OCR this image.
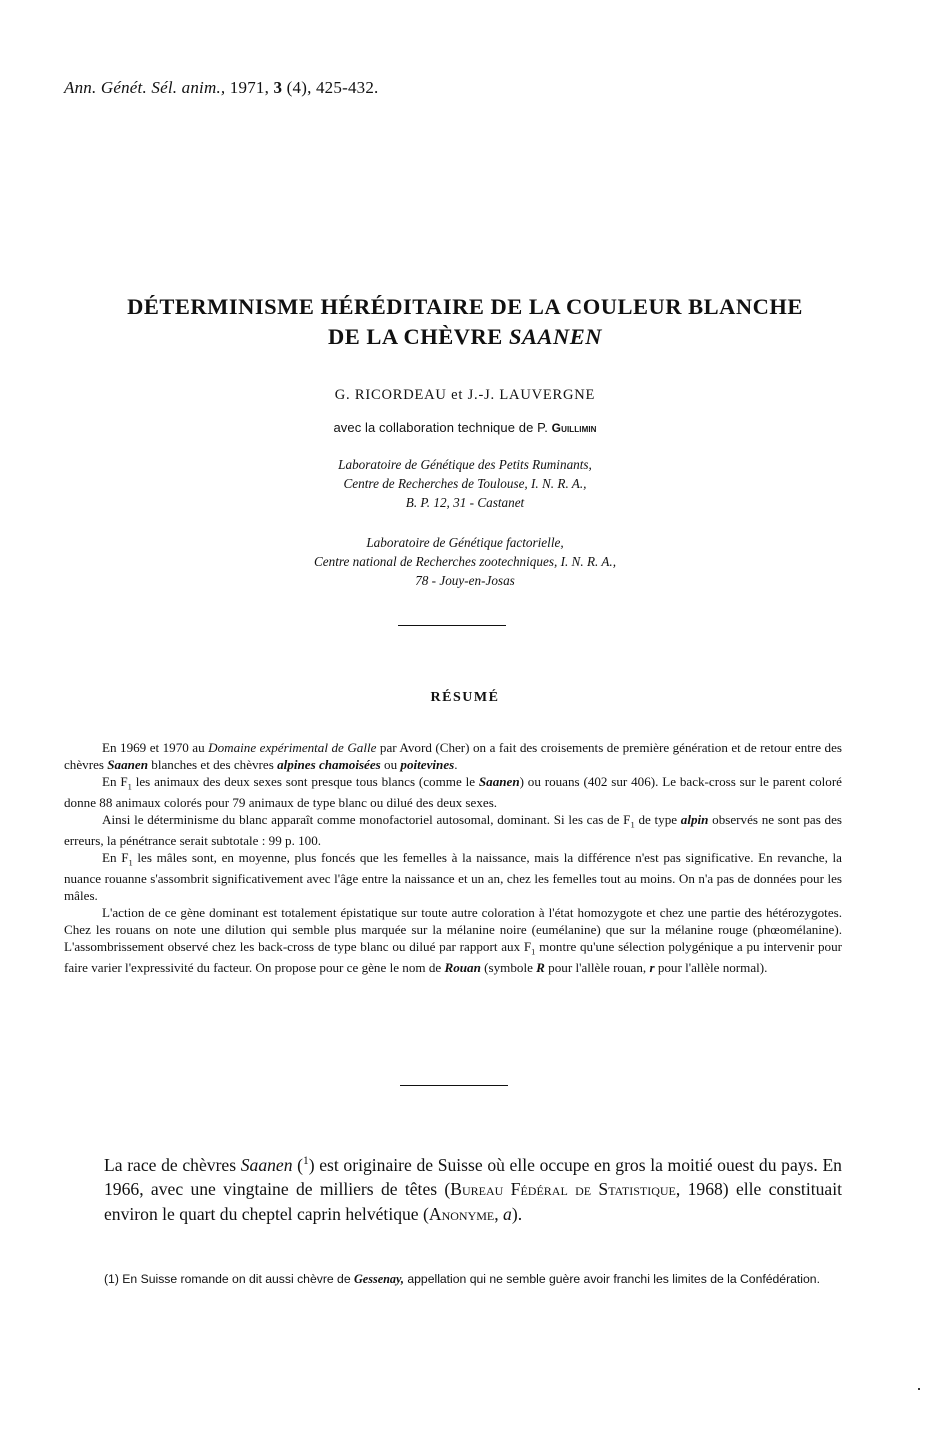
Ann. Génét. Sél. anim., 1971, 3 (4), 425-432.
DÉTERMINISME HÉRÉDITAIRE DE LA COULEUR BLANCHE
DE LA CHÈVRE SAANEN
G. RICORDEAU et J.-J. LAUVERGNE
avec la collaboration technique de P. Guillimin
Laboratoire de Génétique des Petits Ruminants,
Centre de Recherches de Toulouse, I. N. R. A.,
B. P. 12, 31 - Castanet
Laboratoire de Génétique factorielle,
Centre national de Recherches zootechniques, I. N. R. A.,
78 - Jouy-en-Josas
RÉSUMÉ

En 1969 et 1970 au Domaine expérimental de Galle par Avord (Cher) on a fait des croisements de première génération et de retour entre des chèvres Saanen blanches et des chèvres alpines chamoisées ou poitevines.

En $F_1$ les animaux des deux sexes sont presque tous blancs (comme le Saanen) ou rouans (402 sur 406). Le back-cross sur le parent coloré donne 88 animaux colorés pour 79 animaux de type blanc ou dilué des deux sexes.

Ainsi le déterminisme du blanc apparaît comme monofactoriel autosomal, dominant. Si les cas de $F_1$ de type alpin observés ne sont pas des erreurs, la pénétrance serait subtotale : 99 p. 100.

En $F_1$ les mâles sont, en moyenne, plus foncés que les femelles à la naissance, mais la différence n'est pas significative. En revanche, la nuance rouanne s'assombrit significativement avec l'âge entre la naissance et un an, chez les femelles tout au moins. On n'a pas de données pour les mâles.

L'action de ce gène dominant est totalement épistatique sur toute autre coloration à l'état homozygote et chez une partie des hétérozygotes. Chez les rouans on note une dilution qui semble plus marquée sur la mélanine noire (eumélanine) que sur la mélanine rouge (phœomélanine). L'assombrissement observé chez les back-cross de type blanc ou dilué par rapport aux $F_1$ montre qu'une sélection polygénique a pu intervenir pour faire varier l'expressivité du facteur. On propose pour ce gène le nom de Rouan (symbole R pour l'allèle rouan, r pour l'allèle normal).

La race de chèvres Saanen ($^1$) est originaire de Suisse où elle occupe en gros la moitié ouest du pays. En 1966, avec une vingtaine de milliers de têtes (Bureau Fédéral de Statistique, 1968) elle constituait environ le quart du cheptel caprin helvétique (Anonyme, a).

(1) En Suisse romande on dit aussi chèvre de Gessenay, appellation qui ne semble guère avoir franchi les limites de la Confédération.
